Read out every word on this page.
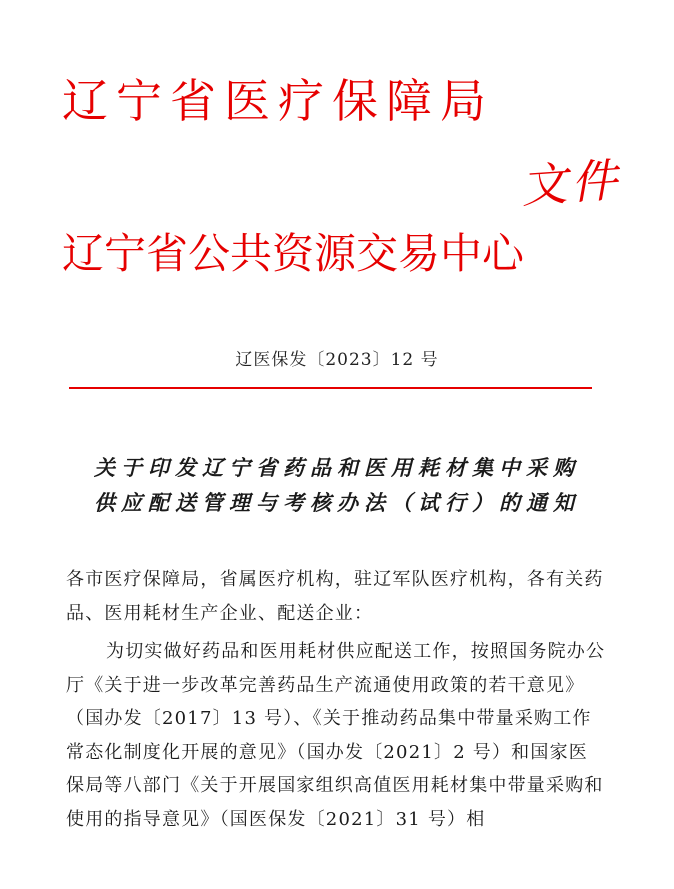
辽宁省医疗保障局
文件
辽宁省公共资源交易中心
辽医保发〔2023〕12 号
关于印发辽宁省药品和医用耗材集中采购
供应配送管理与考核办法（试行）的通知

各市医疗保障局，省属医疗机构，驻辽军队医疗机构，各有关药品、医用耗材生产企业、配送企业：

为切实做好药品和医用耗材供应配送工作，按照国务院办公厅《关于进一步改革完善药品生产流通使用政策的若干意见》（国办发〔2017〕13 号）、《关于推动药品集中带量采购工作常态化制度化开展的意见》（国办发〔2021〕2 号）和国家医保局等八部门《关于开展国家组织高值医用耗材集中带量采购和使用的指导意见》（国医保发〔2021〕31 号）相
